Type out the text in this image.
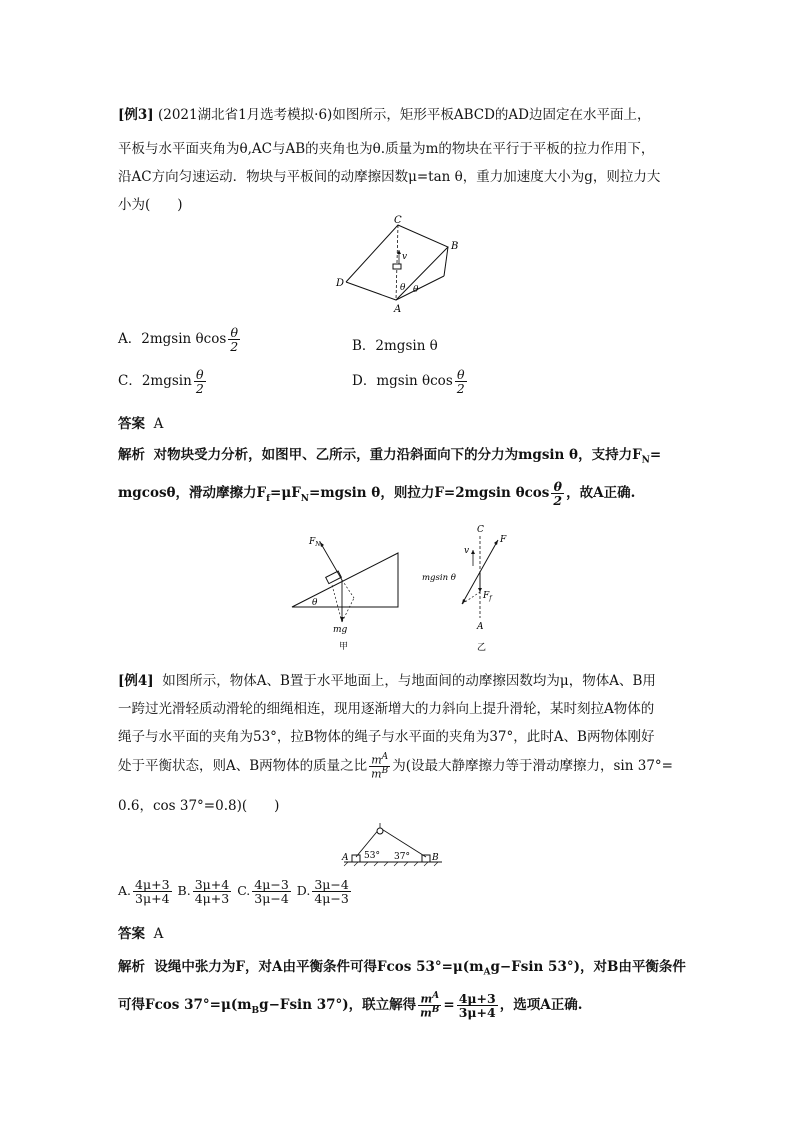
[例3] (2021湖北省1月选考模拟·6)如图所示，矩形平板ABCD的AD边固定在水平面上，
平板与水平面夹角为θ,AC与AB的夹角也为θ.质量为m的物块在平行于平板的拉力作用下，
沿AC方向匀速运动．物块与平板间的动摩擦因数μ=tan θ，重力加速度大小为g，则拉力大
小为(　　)
v
C
B
D
A
θ θ
A．2mgsin θcos $\frac{\theta}{2}$	B．2mgsin θ
C．$2mgsin \frac{\theta}{2}$	D．mgsin θcos $\frac{\theta}{2}$
答案 A
解析 对物块受力分析，如图甲、乙所示，重力沿斜面向下的分力为mgsin θ，支持力$F_N=$
mgcosθ，滑动摩擦力$F_f=\mu F_N=mgsin$ θ，则拉力F=2mgsin θcos $\frac{\theta}{2}$ ，故A正确.
$F_N$
θ
mg
甲
C
F
v
mgsin θ
$F_f$
A
乙
[例4] 如图所示，物体A、B置于水平地面上，与地面间的动摩擦因数均为μ，物体A、B用
一跨过光滑轻质动滑轮的细绳相连，现用逐渐增大的力斜向上提升滑轮，某时刻拉A物体的
绳子与水平面的夹角为53°，拉B物体的绳子与水平面的夹角为37°，此时A、B两物体刚好
处于平衡状态，则A、B两物体的质量之比 $\frac{m^A}{m^B}$ 为(设最大静摩擦力等于滑动摩擦力，sin 37°=
0.6，cos 37°=0.8)(　　)
A	B
53° 37°
A. $\frac{4\mu+3}{3\mu+4} B$. $\frac{3\mu+4}{4\mu+3} C$. $\frac{4\mu-3}{3\mu-4} D$. $\frac{3\mu-4}{4\mu-3}$
答案 A
解析 设绳中张力为F，对A由平衡条件可得Fcos $53^\circ=\mu(m_Ag-Fsin$ 53°)，对B由平衡条件
可得Fcos $37^\circ=\mu(m_Bg-Fsin$ 37°)，联立解得 $\frac{m^A}{m^B} = \frac{4\mu+3}{3\mu+4}$ ，选项A正确.
